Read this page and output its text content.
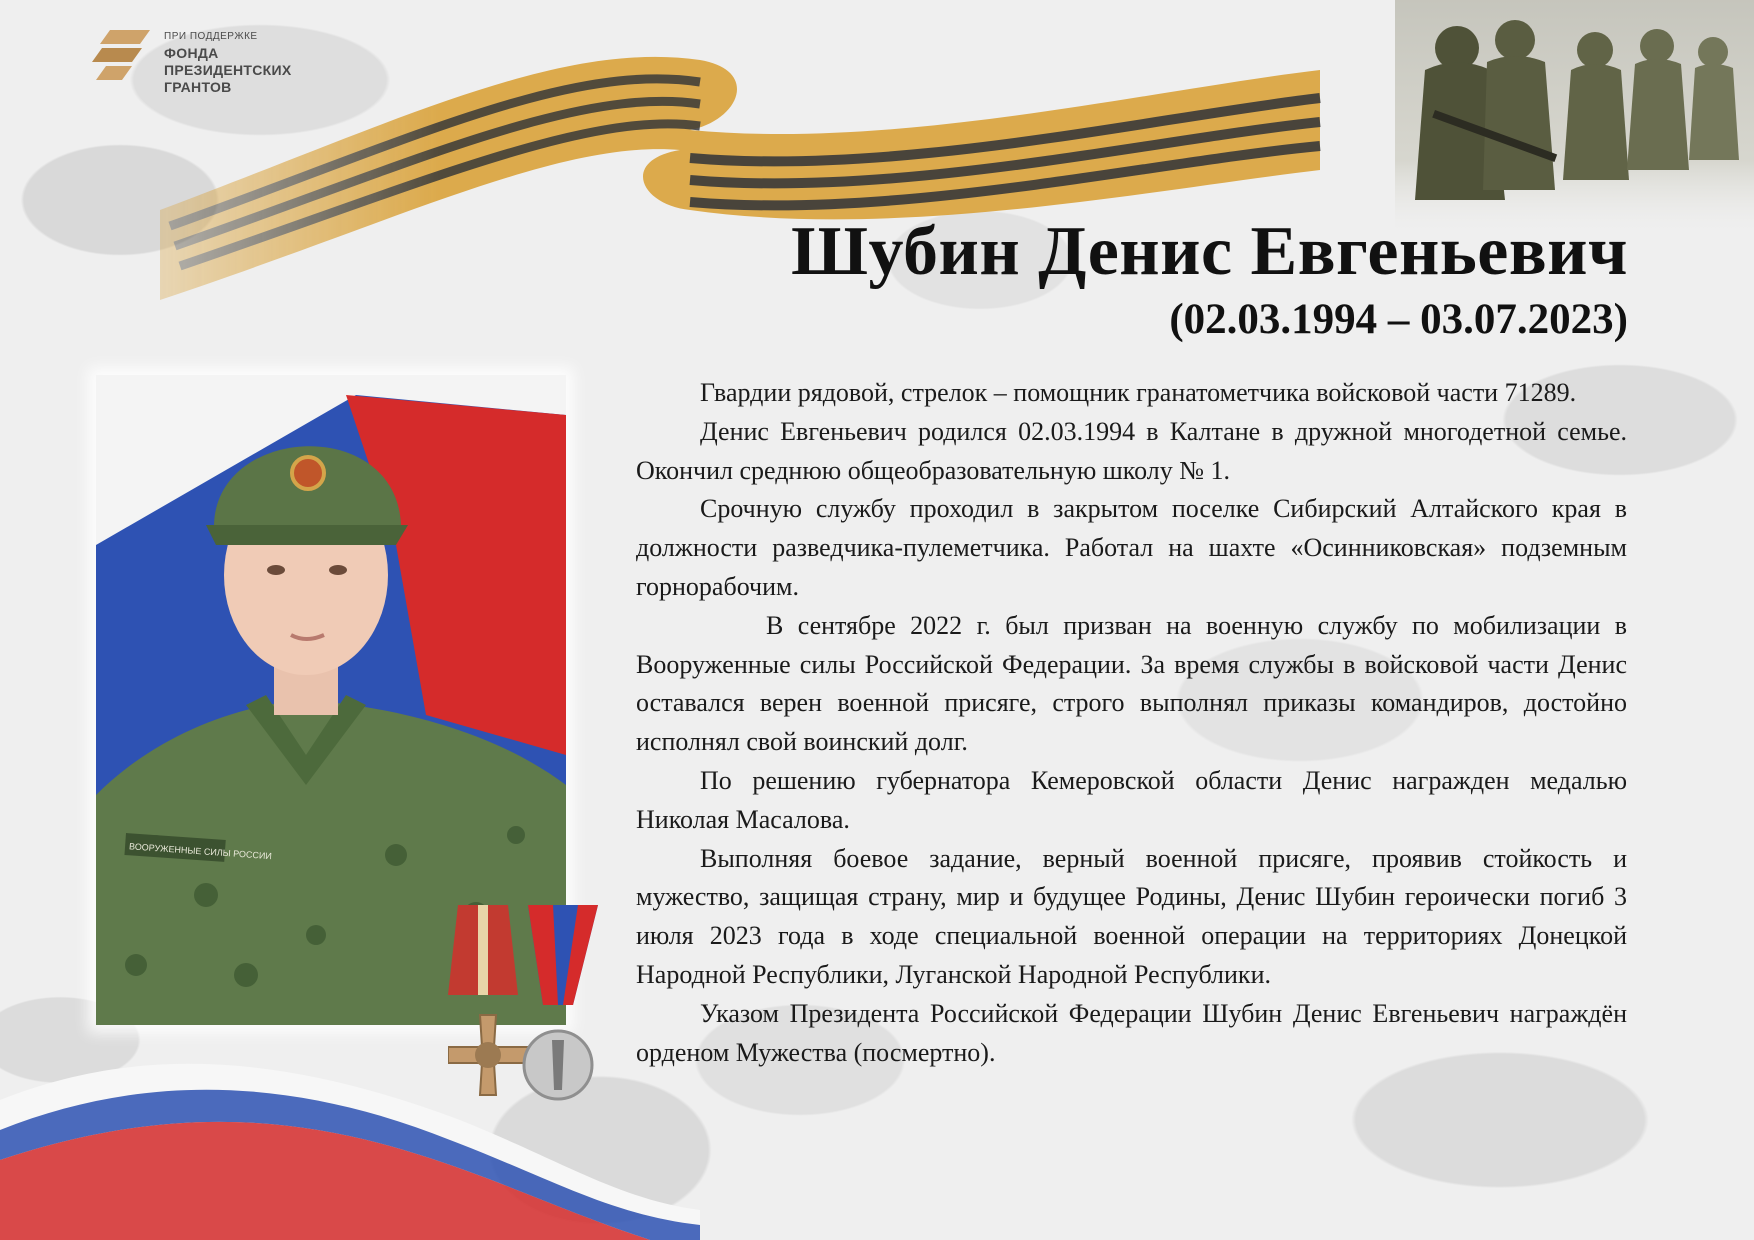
ПРИ ПОДДЕРЖКЕ
ФОНДА
ПРЕЗИДЕНТСКИХ
ГРАНТОВ
Шубин Денис Евгеньевич
(02.03.1994 – 03.07.2023)
ВООРУЖЕННЫЕ СИЛЫ РОССИИ

Гвардии рядовой, стрелок – помощник гранатометчика войсковой части 71289.

Денис Евгеньевич родился 02.03.1994 в Калтане в дружной многодетной семье. Окончил среднюю общеобразовательную школу № 1.

Срочную службу проходил в закрытом поселке Сибирский Алтайского края в должности разведчика-пулеметчика. Работал на шахте «Осинниковская» подземным горнорабочим.

В сентябре 2022 г. был призван на военную службу по мобилизации в Вооруженные силы Российской Федерации. За время службы в войсковой части Денис оставался верен военной присяге, строго выполнял приказы командиров, достойно исполнял свой воинский долг.

По решению губернатора Кемеровской области Денис награжден медалью Николая Масалова.

Выполняя боевое задание, верный военной присяге, проявив стойкость и мужество, защищая страну, мир и будущее Родины, Денис Шубин героически погиб 3 июля 2023 года в ходе специальной военной операции на территориях Донецкой Народной Республики, Луганской Народной Республики.

Указом Президента Российской Федерации Шубин Денис Евгеньевич награждён орденом Мужества (посмертно).
